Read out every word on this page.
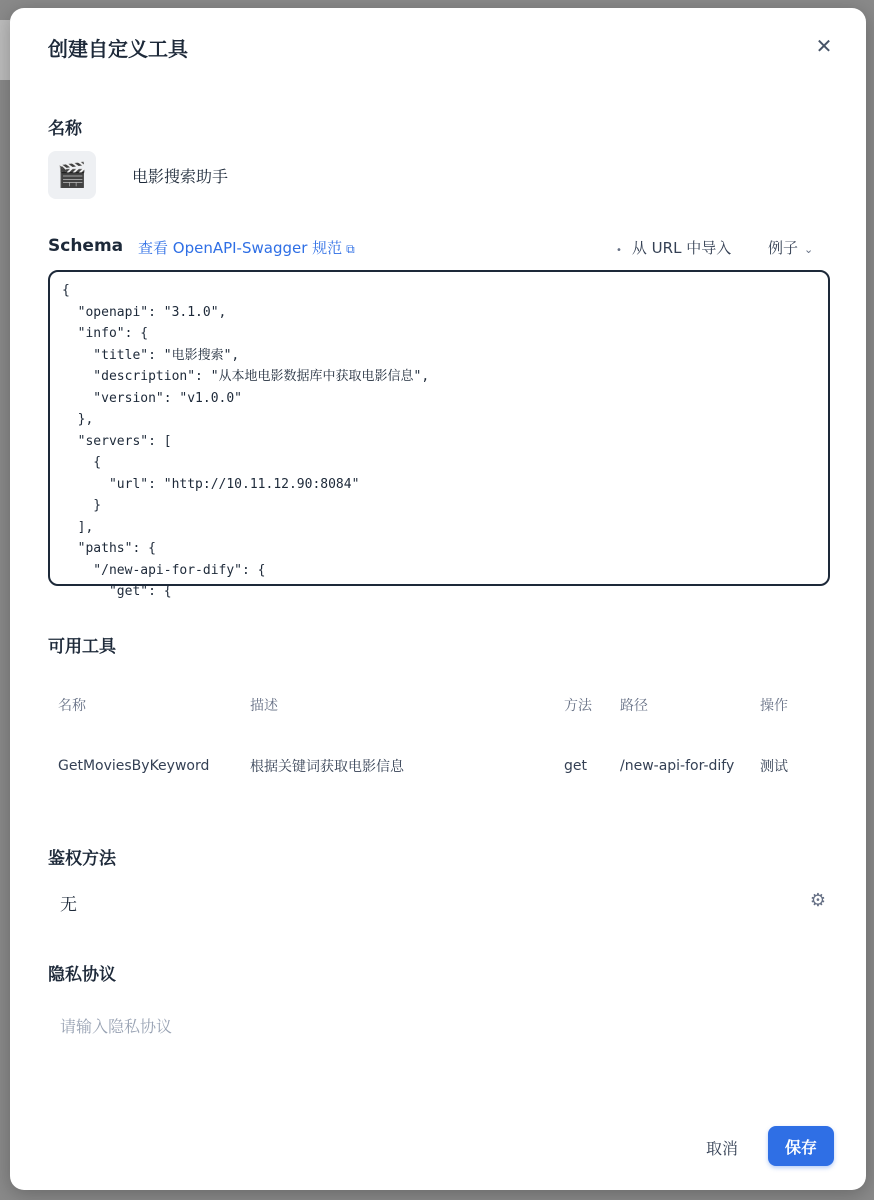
创建自定义工具	✕
名称
🎬
电影搜索助手
Schema 查看 OpenAPI-Swagger 规范 ⧉	• 从 URL 中导入 例子 ⌄
{
"openapi": "3.1.0",
"info": {
"title": "电影搜索",
"description": "从本地电影数据库中获取电影信息",
"version": "v1.0.0"
},
"servers": [
{
"url": "http://10.11.12.90:8084"
}
],
"paths": {
"/new-api-for-dify": {
"get": {
可用工具
名称	描述	方法	路径	操作
GetMoviesByKeyword	根据关键词获取电影信息	get	/new-api-for-dify	测试
鉴权方法
无	⚙
隐私协议
请输入隐私协议
取消	保存
